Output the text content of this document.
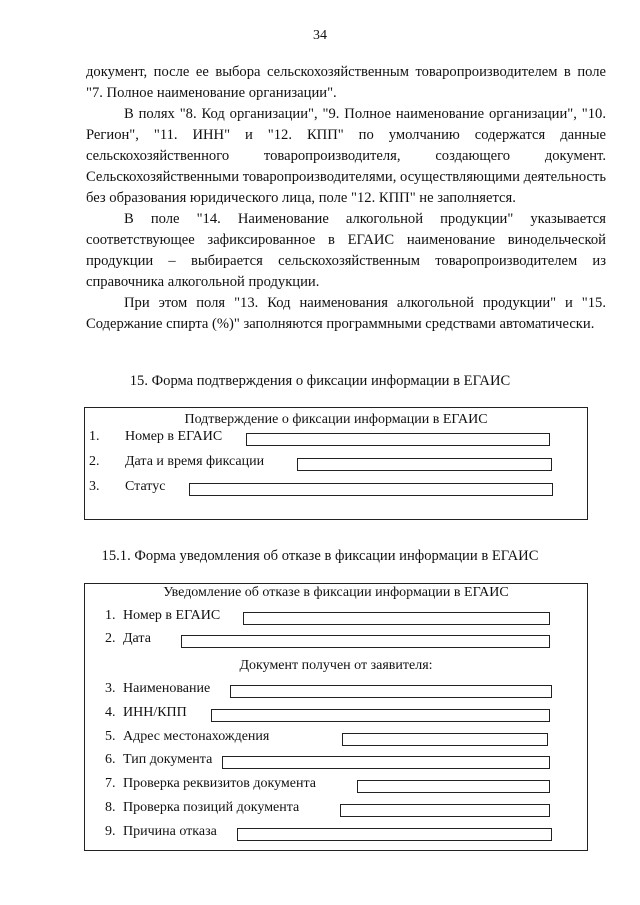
34

документ, после ее выбора сельскохозяйственным товаропроизводителем в поле "7. Полное наименование организации".

В полях "8. Код организации", "9. Полное наименование организации", "10. Регион", "11. ИНН" и "12. КПП" по умолчанию содержатся данные сельскохозяйственного товаропроизводителя, создающего документ. Сельскохозяйственными товаропроизводителями, осуществляющими деятельность без образования юридического лица, поле "12. КПП" не заполняется.

В поле "14. Наименование алкогольной продукции" указывается соответствующее зафиксированное в ЕГАИС наименование винодельческой продукции – выбирается сельскохозяйственным товаропроизводителем из справочника алкогольной продукции.

При этом поля "13. Код наименования алкогольной продукции" и "15. Содержание спирта (%)" заполняются программными средствами автоматически.

15. Форма подтверждения о фиксации информации в ЕГАИС
Подтверждение о фиксации информации в ЕГАИС
1. Номер в ЕГАИС
2. Дата и время фиксации
3. Статус
15.1. Форма уведомления об отказе в фиксации информации в ЕГАИС
Уведомление об отказе в фиксации информации в ЕГАИС
1. Номер в ЕГАИС
2. Дата
Документ получен от заявителя:
3. Наименование
4. ИНН/КПП
5. Адрес местонахождения
6. Тип документа
7. Проверка реквизитов документа
8. Проверка позиций документа
9. Причина отказа
